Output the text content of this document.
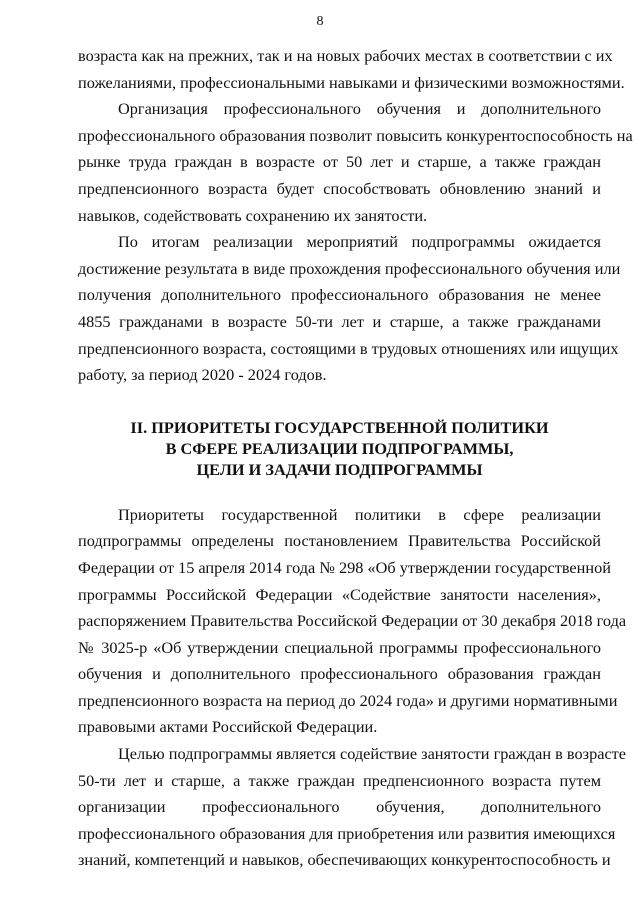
8
возраста как на прежних, так и на новых рабочих местах в соответствии с их
пожеланиями, профессиональными навыками и физическими возможностями.
Организация профессионального обучения и дополнительного
профессионального образования позволит повысить конкурентоспособность на
рынке труда граждан в возрасте от 50 лет и старше, а также граждан
предпенсионного возраста будет способствовать обновлению знаний и
навыков, содействовать сохранению их занятости.
По итогам реализации мероприятий подпрограммы ожидается
достижение результата в виде прохождения профессионального обучения или
получения дополнительного профессионального образования не менее
4855 гражданами в возрасте 50-ти лет и старше, а также гражданами
предпенсионного возраста, состоящими в трудовых отношениях или ищущих
работу, за период 2020 - 2024 годов.
II. ПРИОРИТЕТЫ ГОСУДАРСТВЕННОЙ ПОЛИТИКИ
В СФЕРЕ РЕАЛИЗАЦИИ ПОДПРОГРАММЫ,
ЦЕЛИ И ЗАДАЧИ ПОДПРОГРАММЫ
Приоритеты государственной политики в сфере реализации
подпрограммы определены постановлением Правительства Российской
Федерации от 15 апреля 2014 года № 298 «Об утверждении государственной
программы Российской Федерации «Содействие занятости населения»,
распоряжением Правительства Российской Федерации от 30 декабря 2018 года
№ 3025-р «Об утверждении специальной программы профессионального
обучения и дополнительного профессионального образования граждан
предпенсионного возраста на период до 2024 года» и другими нормативными
правовыми актами Российской Федерации.
Целью подпрограммы является содействие занятости граждан в возрасте
50-ти лет и старше, а также граждан предпенсионного возраста путем
организации профессионального обучения, дополнительного
профессионального образования для приобретения или развития имеющихся
знаний, компетенций и навыков, обеспечивающих конкурентоспособность и
